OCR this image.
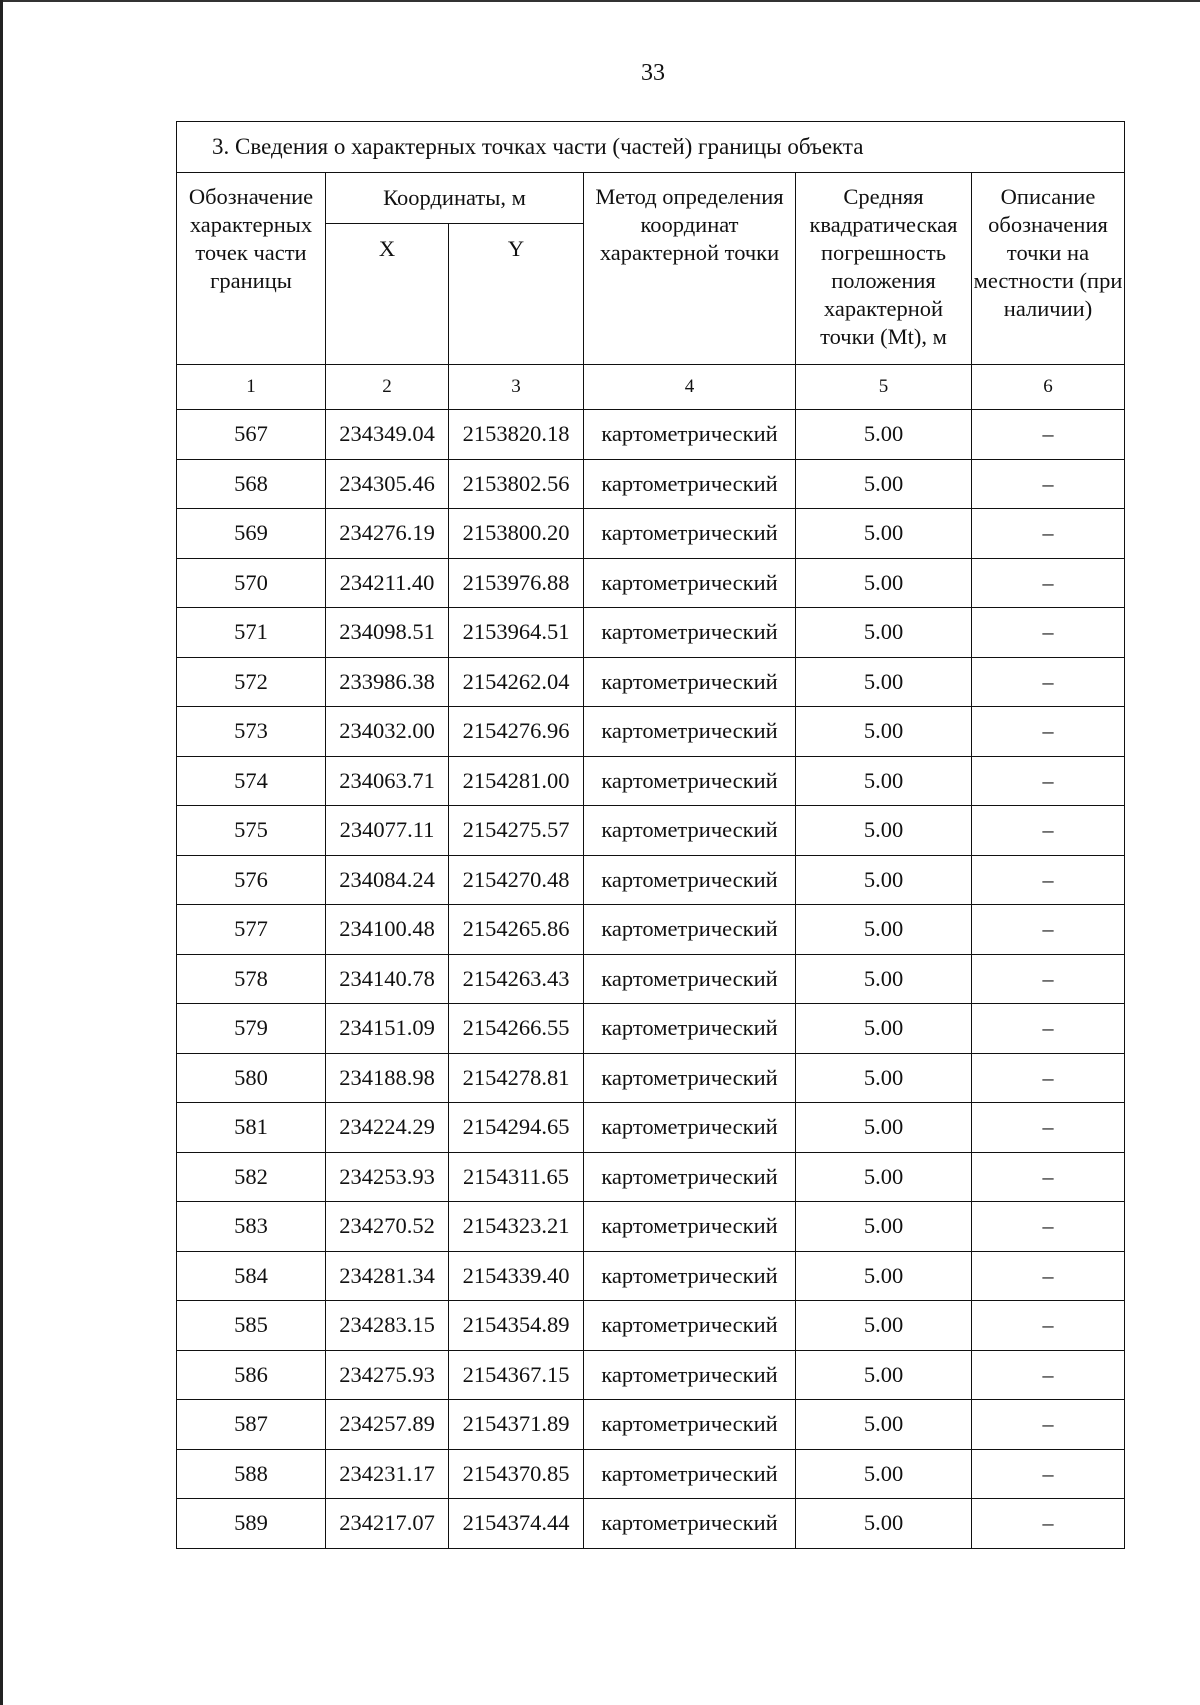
33
3. Сведения о характерных точках части (частей) границы объекта					
Обозначение характерных точек части границы	Координаты, м		Метод определения координат характерной точки	Средняя квадратическая погрешность положения характерной точки (Mt), м	Описание обозначения точки на местности (при наличии)
	X	Y			
1	2	3	4	5	6
567	234349.04	2153820.18	картометрический	5.00	–
568	234305.46	2153802.56	картометрический	5.00	–
569	234276.19	2153800.20	картометрический	5.00	–
570	234211.40	2153976.88	картометрический	5.00	–
571	234098.51	2153964.51	картометрический	5.00	–
572	233986.38	2154262.04	картометрический	5.00	–
573	234032.00	2154276.96	картометрический	5.00	–
574	234063.71	2154281.00	картометрический	5.00	–
575	234077.11	2154275.57	картометрический	5.00	–
576	234084.24	2154270.48	картометрический	5.00	–
577	234100.48	2154265.86	картометрический	5.00	–
578	234140.78	2154263.43	картометрический	5.00	–
579	234151.09	2154266.55	картометрический	5.00	–
580	234188.98	2154278.81	картометрический	5.00	–
581	234224.29	2154294.65	картометрический	5.00	–
582	234253.93	2154311.65	картометрический	5.00	–
583	234270.52	2154323.21	картометрический	5.00	–
584	234281.34	2154339.40	картометрический	5.00	–
585	234283.15	2154354.89	картометрический	5.00	–
586	234275.93	2154367.15	картометрический	5.00	–
587	234257.89	2154371.89	картометрический	5.00	–
588	234231.17	2154370.85	картометрический	5.00	–
589	234217.07	2154374.44	картометрический	5.00	–
